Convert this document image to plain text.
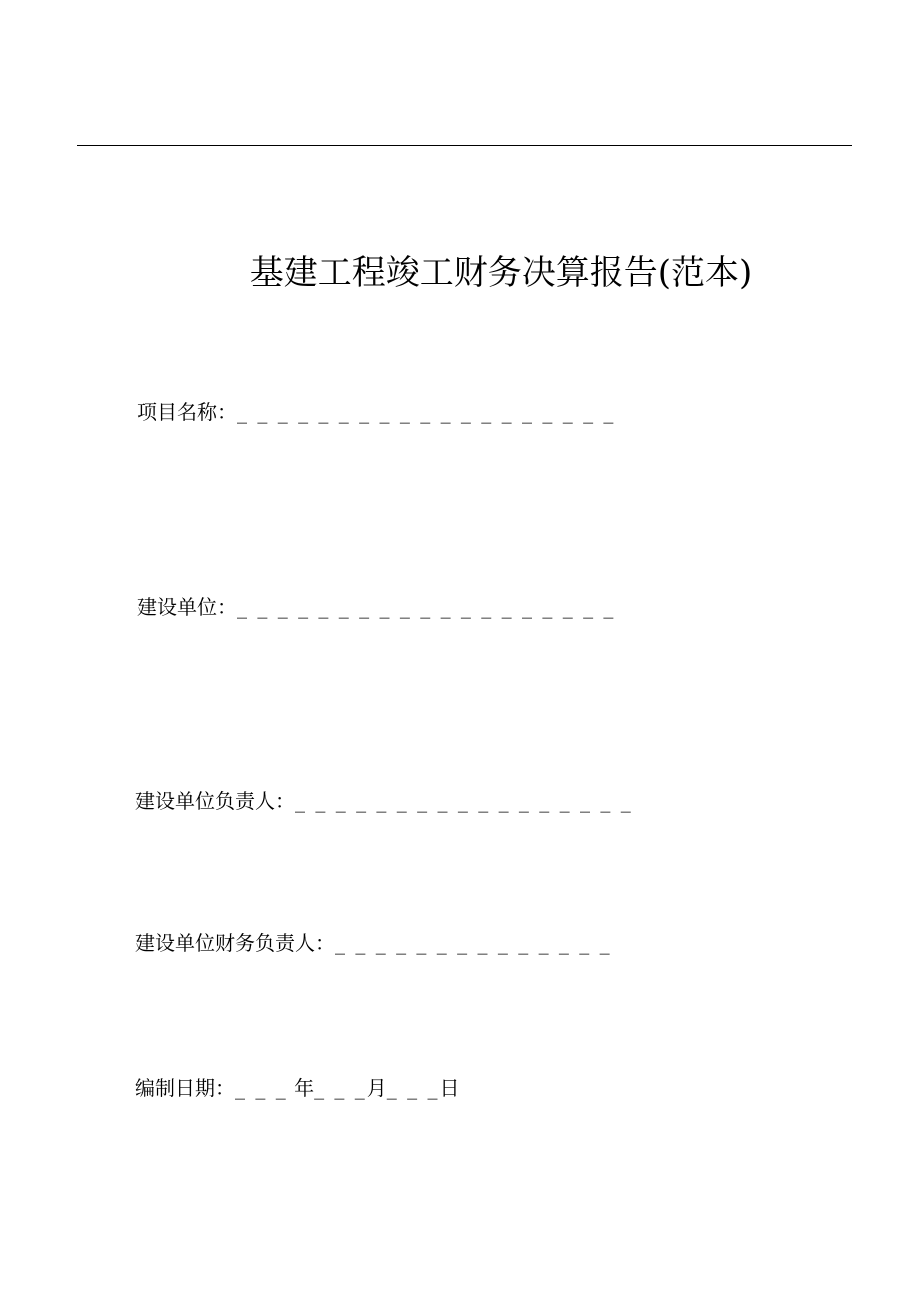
基建工程竣工财务决算报告(范本)
项目名称：_ _ _ _ _ _ _ _ _ _ _ _ _ _ _ _ _ _ _
建设单位：_ _ _ _ _ _ _ _ _ _ _ _ _ _ _ _ _ _ _
建设单位负责人：_ _ _ _ _ _ _ _ _ _ _ _ _ _ _ _ _
建设单位财务负责人：_ _ _ _ _ _ _ _ _ _ _ _ _ _
编制日期：_ _ _ 年_ _ _月_ _ _日
